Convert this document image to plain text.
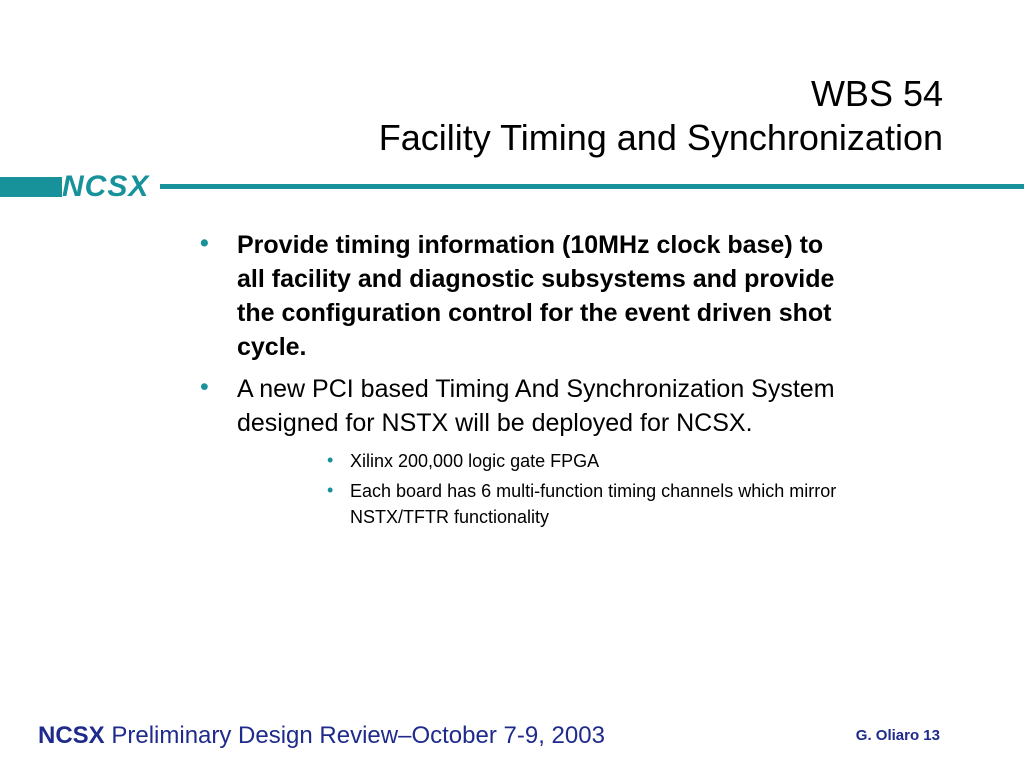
WBS 54
Facility Timing and Synchronization
NCSX
• Provide timing information (10MHz clock base) to all facility and diagnostic subsystems and provide the configuration control for the event driven shot cycle.
• A new PCI based Timing And Synchronization System designed for NSTX will be deployed for NCSX.
• Xilinx 200,000 logic gate FPGA
• Each board has 6 multi-function timing channels which mirror NSTX/TFTR functionality
NCSX Preliminary Design Review–October 7-9, 2003	G. Oliaro 13
